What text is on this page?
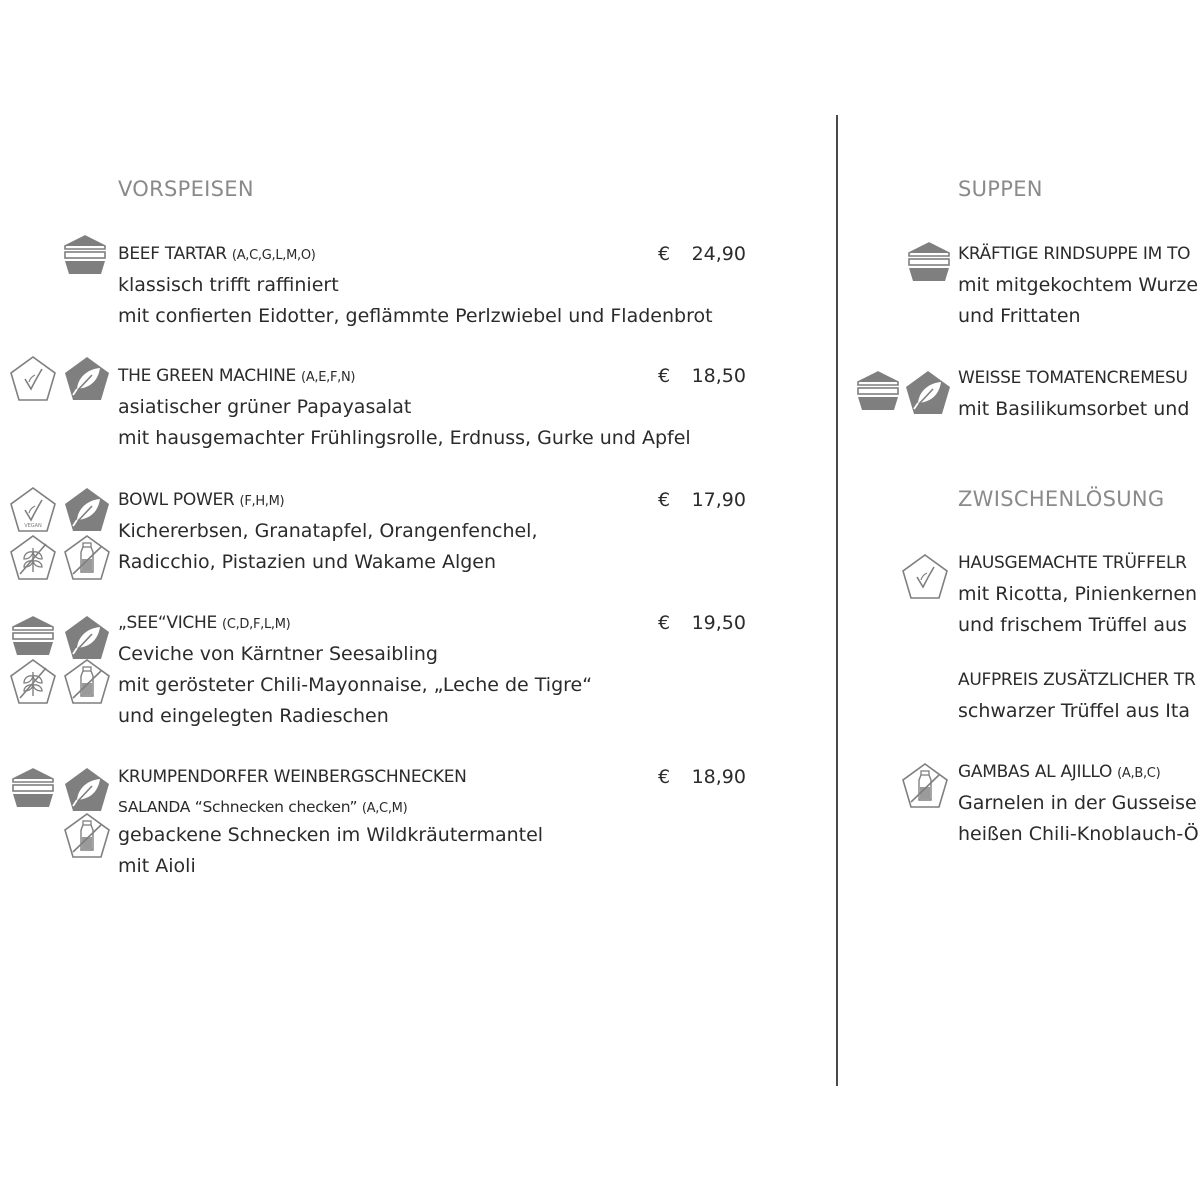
VORSPEISEN
BEEF TARTAR (A,C,G,L,M,O)
klassisch trifft raffiniert
mit confierten Eidotter, geflämmte Perlzwiebel und Fladenbrot
€ 24,90
THE GREEN MACHINE (A,E,F,N)
asiatischer grüner Papayasalat
mit hausgemachter Frühlingsrolle, Erdnuss, Gurke und Apfel
€ 18,50
VEGAN
BOWL POWER (F,H,M)
Kichererbsen, Granatapfel, Orangenfenchel,
Radicchio, Pistazien und Wakame Algen
€ 17,90
„SEE“VICHE (C,D,F,L,M)
Ceviche von Kärntner Seesaibling
mit gerösteter Chili-Mayonnaise, „Leche de Tigre“
und eingelegten Radieschen
€ 19,50
KRUMPENDORFER WEINBERGSCHNECKEN
SALANDA “Schnecken checken” (A,C,M)
gebackene Schnecken im Wildkräutermantel
mit Aioli
€ 18,90
SUPPEN
ZWISCHENLÖSUNG
KRÄFTIGE RINDSUPPE IM TO
mit mitgekochtem Wurze
und Frittaten
WEISSE TOMATENCREMESU
mit Basilikumsorbet und
HAUSGEMACHTE TRÜFFELR
mit Ricotta, Pinienkernen
und frischem Trüffel aus
AUFPREIS ZUSÄTZLICHER TR
schwarzer Trüffel aus Ita
GAMBAS AL AJILLO (A,B,C)
Garnelen in der Gusseise
heißen Chili-Knoblauch-Ö
